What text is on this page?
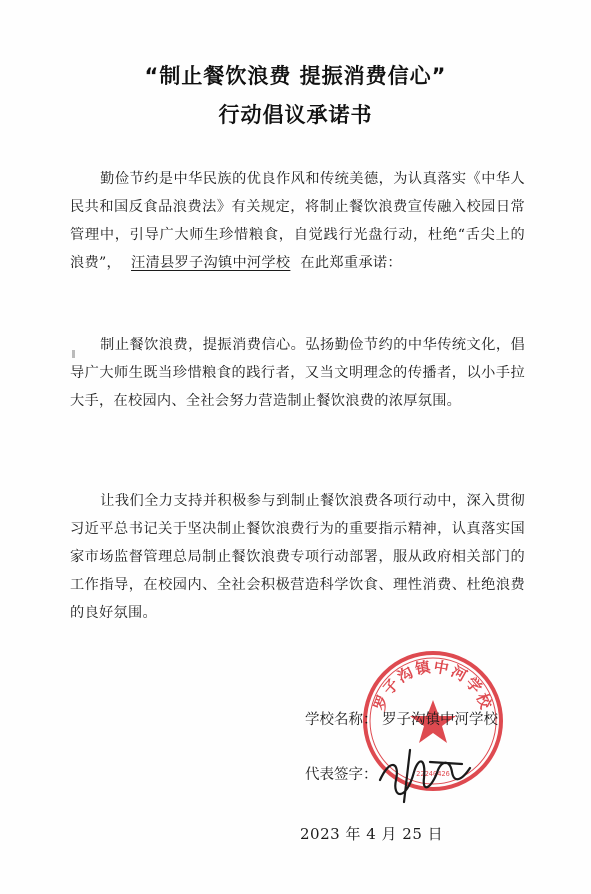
“制止餐饮浪费 提振消费信心”
行动倡议承诺书
勤俭节约是中华民族的优良作风和传统美德，为认真落实《中华人民共和国反食品浪费法》有关规定，将制止餐饮浪费宣传融入校园日常管理中，引导广大师生珍惜粮食，自觉践行光盘行动，杜绝“舌尖上的浪费”， 汪清县罗子沟镇中河学校 在此郑重承诺：
制止餐饮浪费，提振消费信心。弘扬勤俭节约的中华传统文化，倡导广大师生既当珍惜粮食的践行者，又当文明理念的传播者，以小手拉大手，在校园内、全社会努力营造制止餐饮浪费的浓厚氛围。
让我们全力支持并积极参与到制止餐饮浪费各项行动中，深入贯彻习近平总书记关于坚决制止餐饮浪费行为的重要指示精神，认真落实国家市场监督管理总局制止餐饮浪费专项行动部署，服从政府相关部门的工作指导，在校园内、全社会积极营造科学饮食、理性消费、杜绝浪费的良好氛围。
罗子沟镇中河学校
22240426
学校名称： 罗子沟镇中河学校
代表签字：
2023 年 4 月 25 日
